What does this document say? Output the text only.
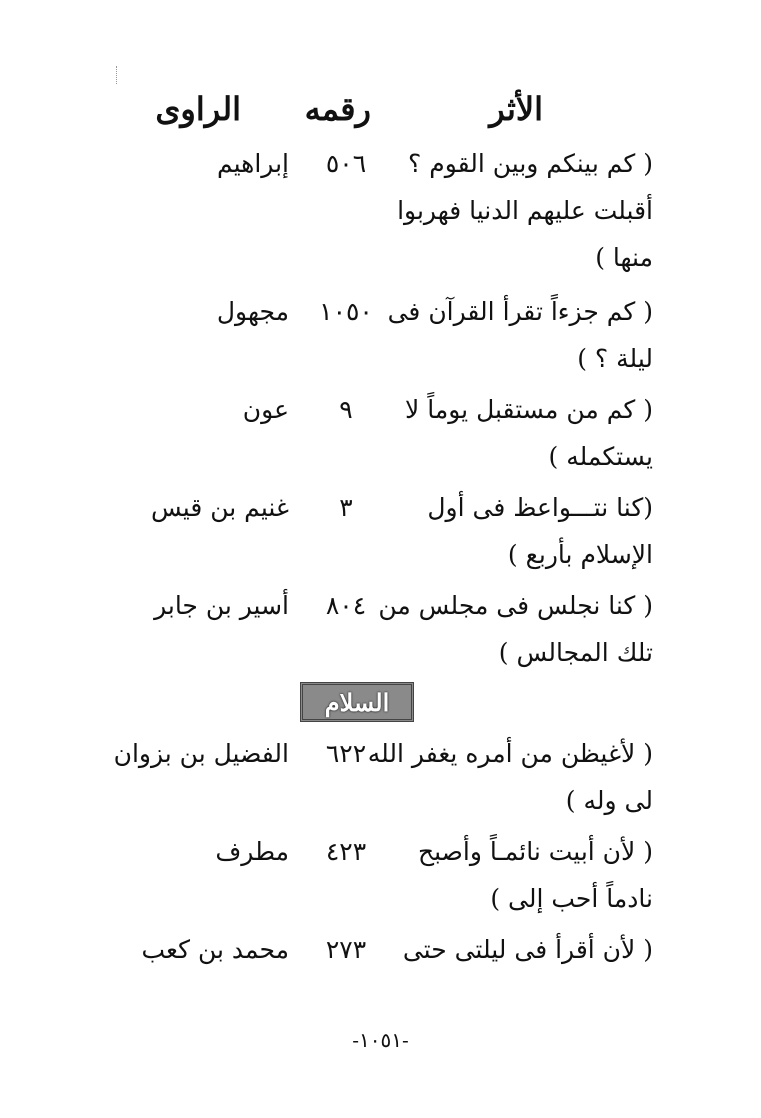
الأثر
رقمه
الراوى
( كم بينكم وبين القوم ؟
٥٠٦
إبراهيم
أقبلت عليهم الدنيا فهربوا
منها )
( كم جزءاً تقرأ القرآن فى
١٠٥٠
مجهول
ليلة ؟ )
( كم من مستقبل يوماً لا
٩
عون
يستكمله )
(كنا نتـــواعظ فى أول
٣
غنيم بن قيس
الإسلام بأربع )
( كنا نجلس فى مجلس من
٨٠٤
أسير بن جابر
تلك المجالس )
السلام
( لأغيظن من أمره يغفر الله
٦٢٢
الفضيل بن بزوان
لى وله )
( لأن أبيت نائمـاً وأصبح
٤٢٣
مطرف
نادماً أحب إلى )
( لأن أقرأ فى ليلتى حتى
٢٧٣
محمد بن كعب
-١٠٥١-
